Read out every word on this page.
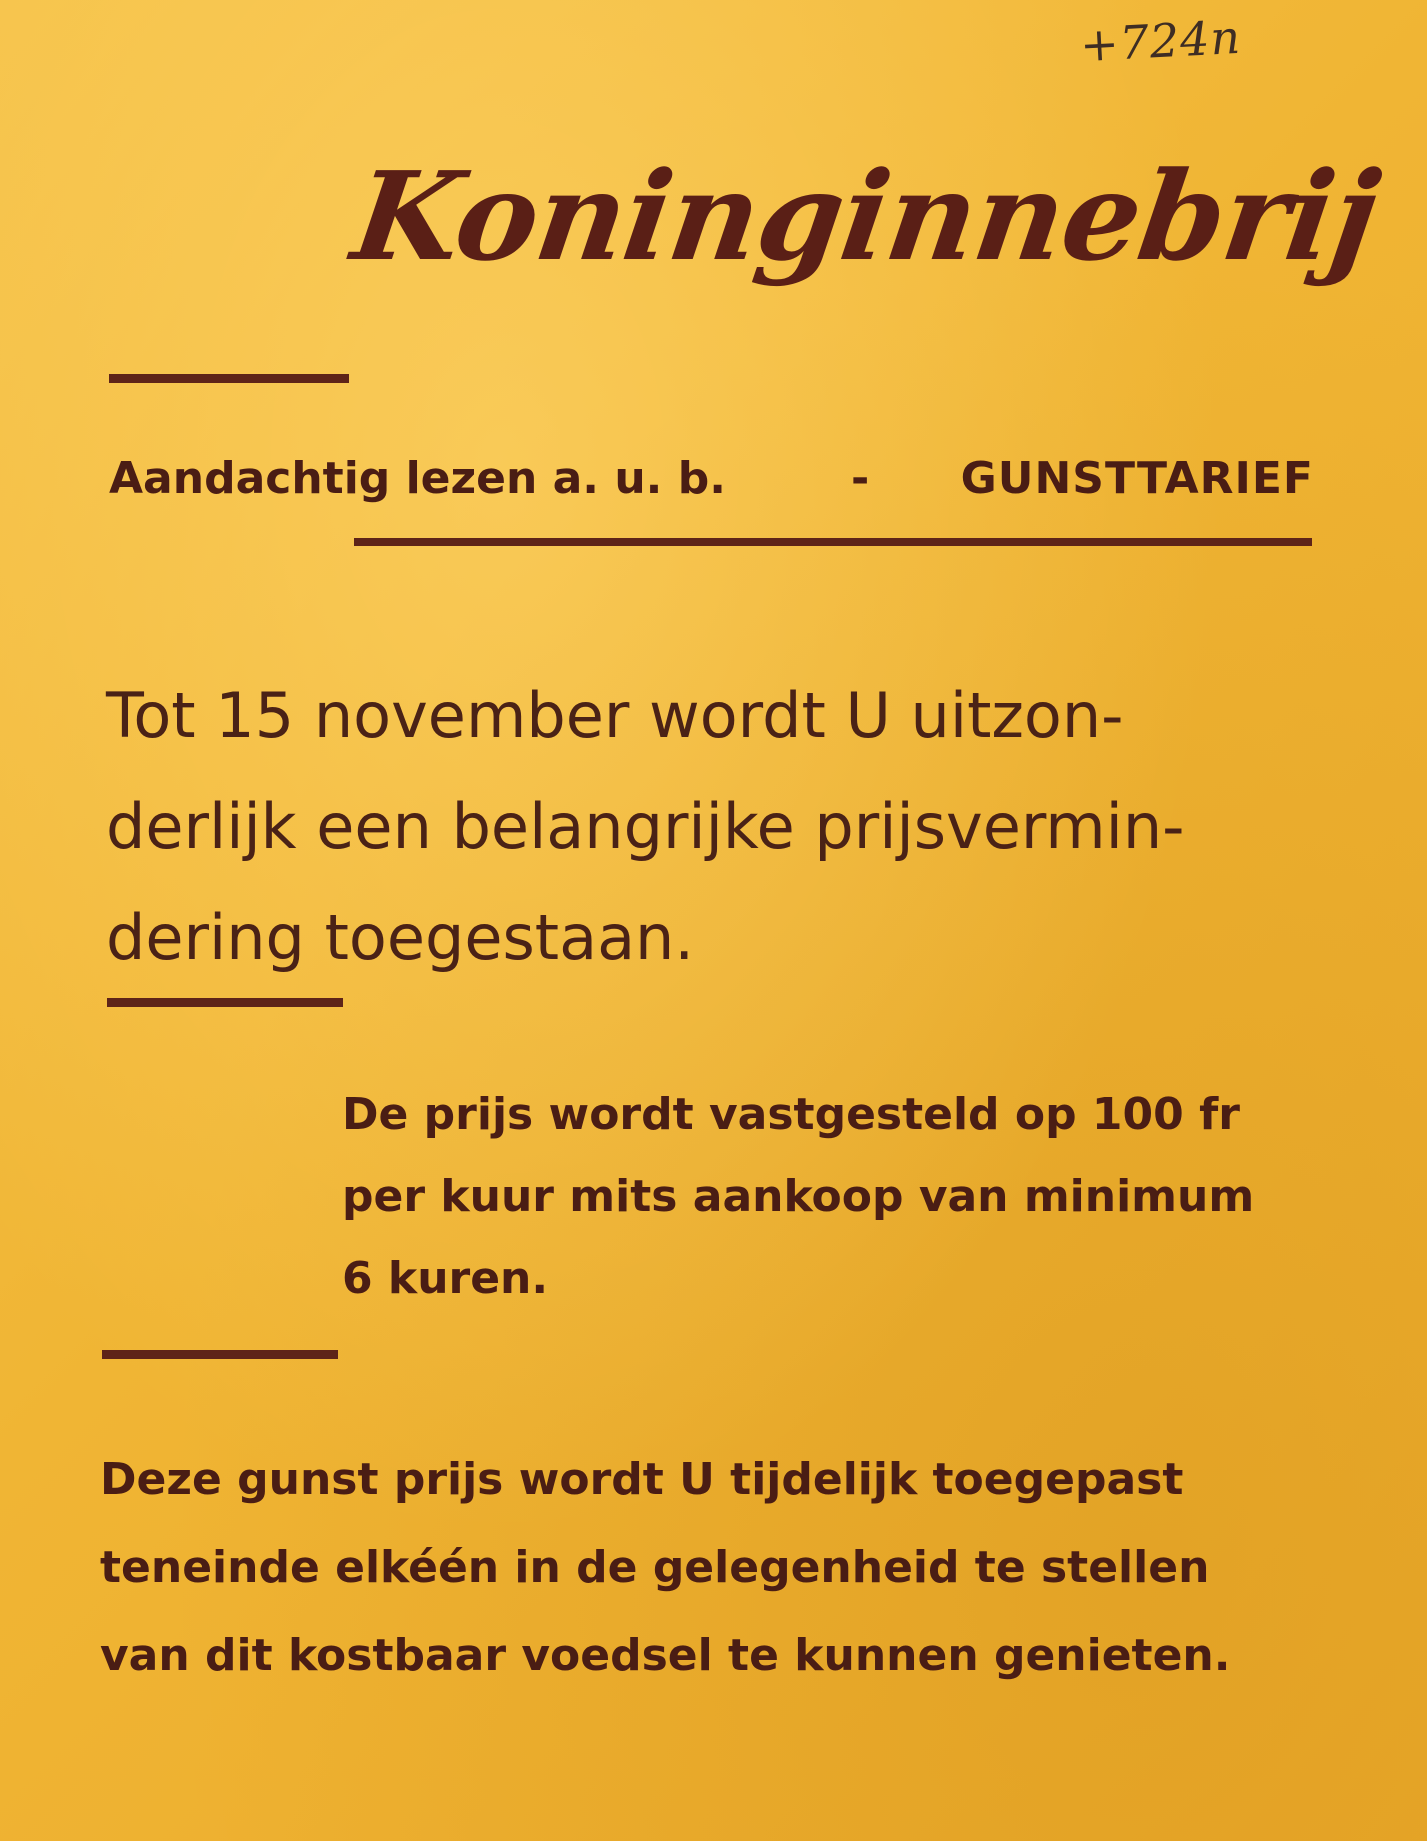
+724n
Koninginnebrij
Aandachtig lezen a. u. b.	- GUNSTTARIEF
Tot 15 november wordt U uitzon-
derlijk een belangrijke prijsvermin-
dering toegestaan.
De prijs wordt vastgesteld op 100 fr
per kuur mits aankoop van minimum
6 kuren.
Deze gunst prijs wordt U tijdelijk toegepast
teneinde elkéén in de gelegenheid te stellen
van dit kostbaar voedsel te kunnen genieten.
